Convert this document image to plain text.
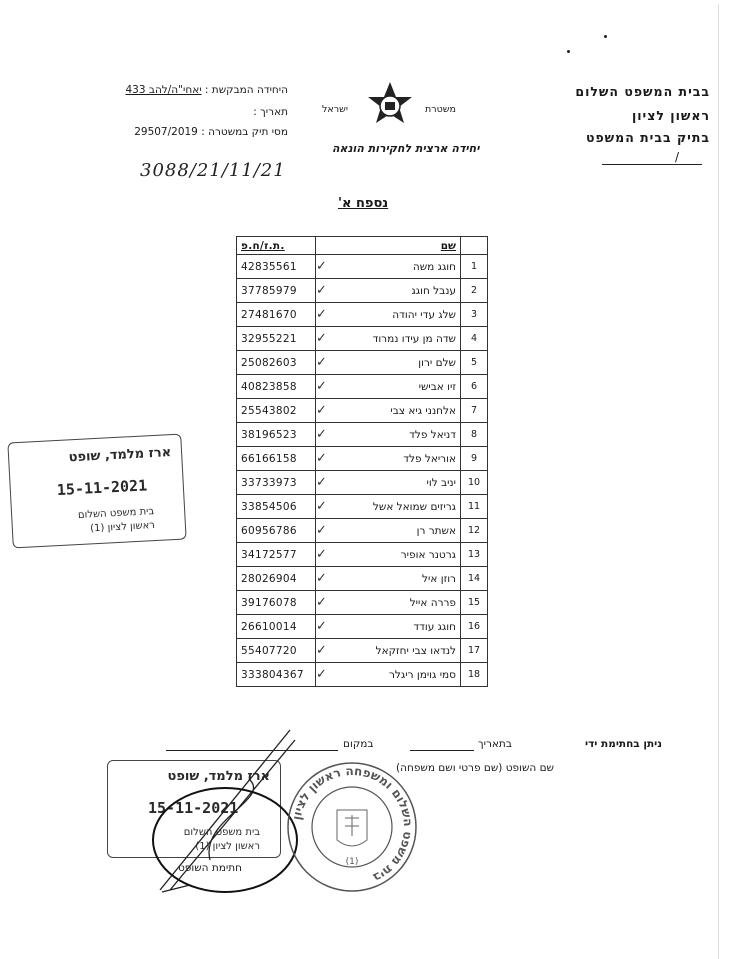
בבית המשפט השלום
ראשון לציון
בתיק בבית המשפט
/
משטרת
ישראל
יחידה ארצית לחקירות הונאה
היחידה המבקשת : יאחי"ה/להב 433
תאריך :
מסי תיק במשטרה : 29507/2019
3088/21/11/21
נספח א'
ת.ז/ח.פ.		שם	
42835561	✓	חוגג משה	1
37785979	✓	ענבל חוגג	2
27481670	✓	שלג עדי יהודה	3
32955221	✓	שדה מן עידו נמרוד	4
25082603	✓	שלם ירון	5
40823858	✓	זיו אבישי	6
25543802	✓	אלחנני גיא צבי	7
38196523	✓	דניאל פלד	8
66166158	✓	אוריאל פלד	9
33733973	✓	יניב לוי	10
33854506	✓	גריזים שמואל אשל	11
60956786	✓	אשתר רן	12
34172577	✓	גרטנר אופיר	13
28026904	✓	רוזן איל	14
39176078	✓	פררה אייל	15
26610014	✓	חוגג עודד	16
55407720	✓	לנדאו צבי יחזקאל	17
333804367	✓	סמי גוימן ריגלר	18
ארז מלמד, שופט
15-11-2021
בית משפט השלום
ראשון לציון (1)
ניתן בחתימת ידי
בתאריך
במקום
שם השופט (שם פרטי ושם משפחה)
ארז מלמד, שופט
15-11-2021
בית משפט השלום
ראשון לציון (1)
חתימת השופט
בית משפט השלום ומשפחה ראשון לציון
(1)
